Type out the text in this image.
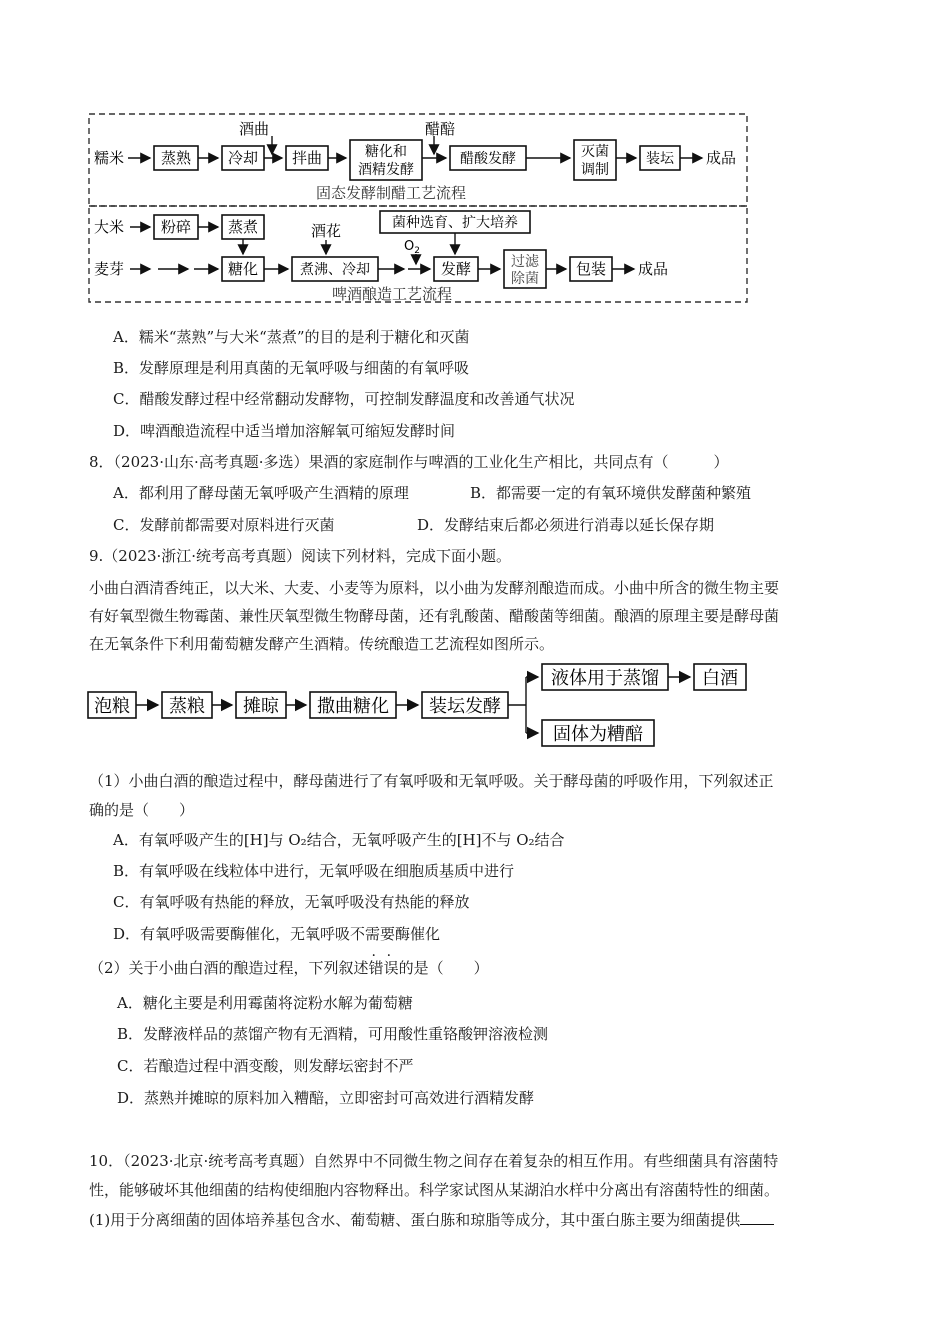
糯米 蒸熟 冷却
酒曲
拌曲	糖化和
酒精发酵
醋醅
醋酸发酵	灭菌
调制
装坛 成品
固态发酵制醋工艺流程
大米 粉碎 蒸煮
麦芽	糖化
酒花
煮沸、冷却
菌种选育、扩大培养
$O_2$
发酵	过滤
除菌
包装 成品
啤酒酿造工艺流程
A．糯米“蒸熟”与大米“蒸煮”的目的是利于糖化和灭菌
B．发酵原理是利用真菌的无氧呼吸与细菌的有氧呼吸
C．醋酸发酵过程中经常翻动发酵物，可控制发酵温度和改善通气状况
D．啤酒酿造流程中适当增加溶解氧可缩短发酵时间
8．（2023·山东·高考真题·多选）果酒的家庭制作与啤酒的工业化生产相比，共同点有（　　　）
A．都利用了酵母菌无氧呼吸产生酒精的原理	B．都需要一定的有氧环境供发酵菌种繁殖
C．发酵前都需要对原料进行灭菌	D．发酵结束后都必须进行消毒以延长保存期
9.（2023·浙江·统考高考真题）阅读下列材料，完成下面小题。
小曲白酒清香纯正，以大米、大麦、小麦等为原料，以小曲为发酵剂酿造而成。小曲中所含的微生物主要
有好氧型微生物霉菌、兼性厌氧型微生物酵母菌，还有乳酸菌、醋酸菌等细菌。酿酒的原理主要是酵母菌
在无氧条件下利用葡萄糖发酵产生酒精。传统酿造工艺流程如图所示。
泡粮 蒸粮 摊晾 撒曲糖化 装坛发酵
液体用于蒸馏 白酒
固体为糟醅
（1）小曲白酒的酿造过程中，酵母菌进行了有氧呼吸和无氧呼吸。关于酵母菌的呼吸作用，下列叙述正
确的是（　　）
A．有氧呼吸产生的[H]与 O₂结合，无氧呼吸产生的[H]不与 O₂结合
B．有氧呼吸在线粒体中进行，无氧呼吸在细胞质基质中进行
C．有氧呼吸有热能的释放，无氧呼吸没有热能的释放
D．有氧呼吸需要酶催化，无氧呼吸不需要酶催化
（2）关于小曲白酒的酿造过程，下列叙述错误的是（　　）
A．糖化主要是利用霉菌将淀粉水解为葡萄糖
B．发酵液样品的蒸馏产物有无酒精，可用酸性重铬酸钾溶液检测
C．若酿造过程中酒变酸，则发酵坛密封不严
D．蒸熟并摊晾的原料加入糟醅，立即密封可高效进行酒精发酵
10．（2023·北京·统考高考真题）自然界中不同微生物之间存在着复杂的相互作用。有些细菌具有溶菌特
性，能够破坏其他细菌的结构使细胞内容物释出。科学家试图从某湖泊水样中分离出有溶菌特性的细菌。
(1)用于分离细菌的固体培养基包含水、葡萄糖、蛋白胨和琼脂等成分，其中蛋白胨主要为细菌提供
